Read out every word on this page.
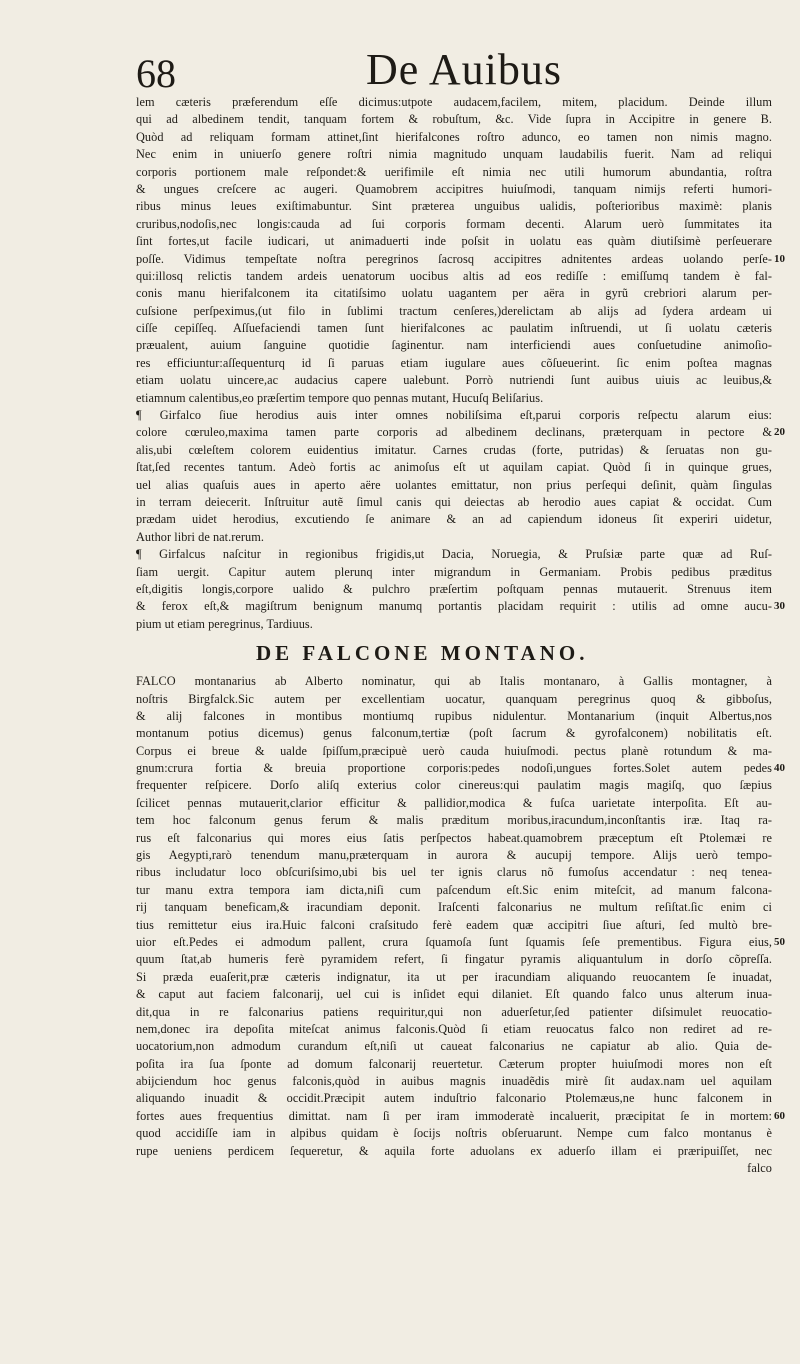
68	De Auibus
lem cæteris præferendum eſſe dicimus:utpote audacem,facilem, mitem, placidum. Deinde illum
qui ad albedinem tendit, tanquam fortem & robuſtum, &c. Vide ſupra in Accipitre in genere B.
Quòd ad reliquam formam attinet,ſint hierifalcones roſtro adunco, eo tamen non nimis magno.
Nec enim in uniuerſo genere roſtri nimia magnitudo unquam laudabilis fuerit. Nam ad reliqui
corporis portionem male reſpondet:& uerifimile eſt nimia nec utili humorum abundantia, roſtra
& ungues creſcere ac augeri. Quamobrem accipitres huiuſmodi, tanquam nimijs referti humori-
ribus minus leues exiſtimabuntur. Sint præterea unguibus ualidis, poſterioribus maximè: planis
cruribus,nodoſis,nec longis:cauda ad ſui corporis formam decenti. Alarum uerò ſummitates ita
ſint fortes,ut facile iudicari, ut animaduerti inde poſsit in uolatu eas quàm diutiſsimè perſeuerare
poſſe. Vidimus tempeſtate noſtra peregrinos ſacrosq accipitres adnitentes ardeas uolando perſe- 10
qui:illosq relictis tandem ardeis uenatorum uocibus altis ad eos rediſſe : emiſſumq tandem è fal-
conis manu hierifalconem ita citatiſsimo uolatu uagantem per aëra in gyrũ crebriori alarum per-
cuſsione perſpeximus,(ut filo in ſublimi tractum cenſeres,)derelictam ab alijs ad ſydera ardeam ui
ciſſe cepiſſeq. Aſſuefaciendi tamen ſunt hierifalcones ac paulatim inſtruendi, ut ſi uolatu cæteris
præualent, auium ſanguine quotidie ſaginentur. nam interficiendi aues conſuetudine animoſio-
res efficiuntur:aſſequenturq id ſi paruas etiam iugulare aues cõſueuerint. ſic enim poſtea magnas
etiam uolatu uincere,ac audacius capere ualebunt. Porrò nutriendi ſunt auibus uiuis ac leuibus,&
etiamnum calentibus,eo præſertim tempore quo pennas mutant, Hucuſq Beliſarius.
¶ Girfalco ſiue herodius auis inter omnes nobiliſsima eſt,parui corporis reſpectu alarum eius:
colore cœruleo,maxima tamen parte corporis ad albedinem declinans, præterquam in pectore & 20
alis,ubi cœleſtem colorem euidentius imitatur. Carnes crudas (forte, putridas) & ſeruatas non gu-
ſtat,ſed recentes tantum. Adeò fortis ac animoſus eſt ut aquilam capiat. Quòd ſi in quinque grues,
uel alias quaſuis aues in aperto aëre uolantes emittatur, non prius perſequi deſinit, quàm ſingulas
in terram deiecerit. Inſtruitur autẽ ſimul canis qui deiectas ab herodio aues capiat & occidat. Cum
prædam uidet herodius, excutiendo ſe animare & an ad capiendum idoneus ſit experiri uidetur,
Author libri de nat.rerum.
¶ Girfalcus naſcitur in regionibus frigidis,ut Dacia, Noruegia, & Pruſsiæ parte quæ ad Ruſ-
ſiam uergit. Capitur autem plerunq inter migrandum in Germaniam. Probis pedibus præditus
eſt,digitis longis,corpore ualido & pulchro præſertim poſtquam pennas mutauerit. Strenuus item
& ferox eſt,& magiſtrum benignum manumq portantis placidam requirit : utilis ad omne aucu- 30
pium ut etiam peregrinus, Tardiuus.
DE FALCONE MONTANO.
FALCO montanarius ab Alberto nominatur, qui ab Italis montanaro, à Gallis montagner, à
noſtris Birgfalck.Sic autem per excellentiam uocatur, quanquam peregrinus quoq & gibboſus,
& alij falcones in montibus montiumq rupibus nidulentur. Montanarium (inquit Albertus,nos
montanum potius dicemus) genus falconum,tertiæ (poſt ſacrum & gyrofalconem) nobilitatis eſt.
Corpus ei breue & ualde ſpiſſum,præcipuè uerò cauda huiuſmodi. pectus planè rotundum & ma-
gnum:crura fortia & breuia proportione corporis:pedes nodoſi,ungues fortes.Solet autem pedes 40
frequenter reſpicere. Dorſo aliſq exterius color cinereus:qui paulatim magis magiſq, quo ſæpius
ſcilicet pennas mutauerit,clarior efficitur & pallidior,modica & fuſca uarietate interpoſita. Eſt au-
tem hoc falconum genus ferum & malis præditum moribus,iracundum,inconſtantis iræ. Itaq ra-
rus eſt falconarius qui mores eius ſatis perſpectos habeat.quamobrem præceptum eſt Ptolemæi re
gis Aegypti,rarò tenendum manu,præterquam in aurora & aucupij tempore. Alijs uerò tempo-
ribus includatur loco obſcuriſsimo,ubi bis uel ter ignis clarus nõ fumoſus accendatur : neq tenea-
tur manu extra tempora iam dicta,niſi cum paſcendum eſt.Sic enim miteſcit, ad manum falcona-
rij tanquam beneficam,& iracundiam deponit. Iraſcenti falconarius ne multum reſiſtat.ſic enim ci
tius remittetur eius ira.Huic falconi craſsitudo ferè eadem quæ accipitri ſiue aſturi, ſed multò bre-
uior eſt.Pedes ei admodum pallent, crura ſquamoſa ſunt ſquamis ſeſe prementibus. Figura eius, 50
quum ſtat,ab humeris ferè pyramidem refert, ſi fingatur pyramis aliquantulum in dorſo cõpreſſa.
Si præda euaſerit,præ cæteris indignatur, ita ut per iracundiam aliquando reuocantem ſe inuadat,
& caput aut faciem falconarij, uel cui is inſidet equi dilaniet. Eſt quando falco unus alterum inua-
dit,qua in re falconarius patiens requiritur,qui non aduerſetur,ſed patienter diſsimulet reuocatio-
nem,donec ira depoſita miteſcat animus falconis.Quòd ſi etiam reuocatus falco non rediret ad re-
uocatorium,non admodum curandum eſt,niſi ut caueat falconarius ne capiatur ab alio. Quia de-
poſita ira ſua ſponte ad domum falconarij reuertetur. Cæterum propter huiuſmodi mores non eſt
abijciendum hoc genus falconis,quòd in auibus magnis inuadẽdis mirè ſit audax.nam uel aquilam
aliquando inuadit & occidit.Præcipit autem induſtrio falconario Ptolemæus,ne hunc falconem in
fortes aues frequentius dimittat. nam ſi per iram immoderatè incaluerit, præcipitat ſe in mortem: 60
quod accidiſſe iam in alpibus quidam è ſocijs noſtris obſeruarunt. Nempe cum falco montanus è
rupe ueniens perdicem ſequeretur, & aquila forte aduolans ex aduerſo illam ei præripuiſſet, nec
falco
